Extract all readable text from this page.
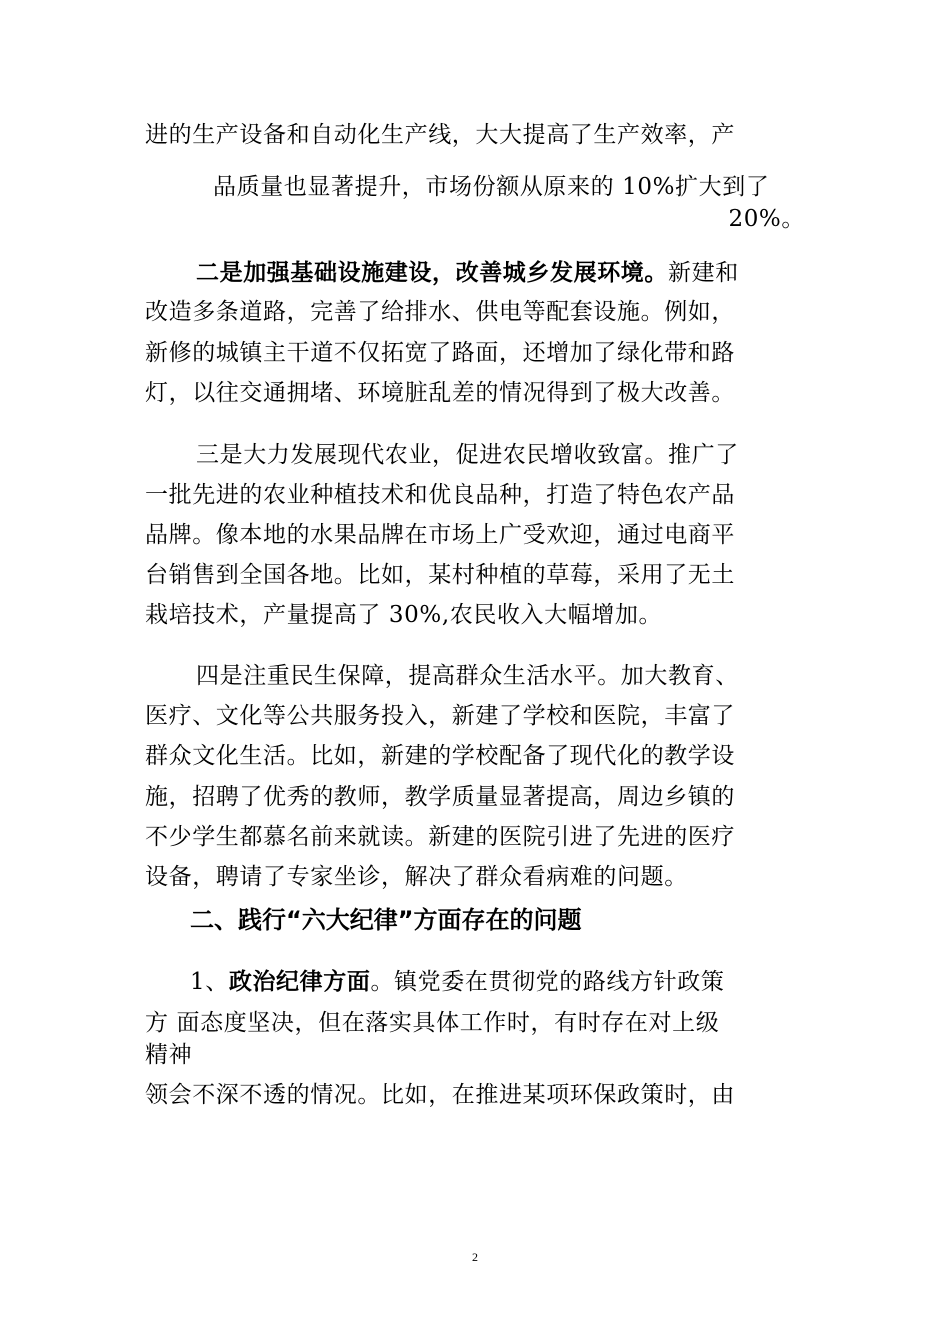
进的生产设备和自动化生产线，大大提高了生产效率，产
品质量也显著提升，市场份额从原来的 10%扩大到了
20%。
二是加强基础设施建设，改善城乡发展环境。新建和
改造多条道路，完善了给排水、供电等配套设施。例如，
新修的城镇主干道不仅拓宽了路面，还增加了绿化带和路
灯，以往交通拥堵、环境脏乱差的情况得到了极大改善。
三是大力发展现代农业，促进农民增收致富。推广了
一批先进的农业种植技术和优良品种，打造了特色农产品
品牌。像本地的水果品牌在市场上广受欢迎，通过电商平
台销售到全国各地。比如，某村种植的草莓，采用了无土
栽培技术，产量提高了 30%,农民收入大幅增加。
四是注重民生保障，提高群众生活水平。加大教育、
医疗、文化等公共服务投入，新建了学校和医院，丰富了
群众文化生活。比如，新建的学校配备了现代化的教学设
施，招聘了优秀的教师，教学质量显著提高，周边乡镇的
不少学生都慕名前来就读。新建的医院引进了先进的医疗
设备，聘请了专家坐诊，解决了群众看病难的问题。
二、践行“六大纪律”方面存在的问题
1、政治纪律方面。镇党委在贯彻党的路线方针政策
方 面态度坚决，但在落实具体工作时，有时存在对上级
精神
领会不深不透的情况。比如，在推进某项环保政策时，由
2
